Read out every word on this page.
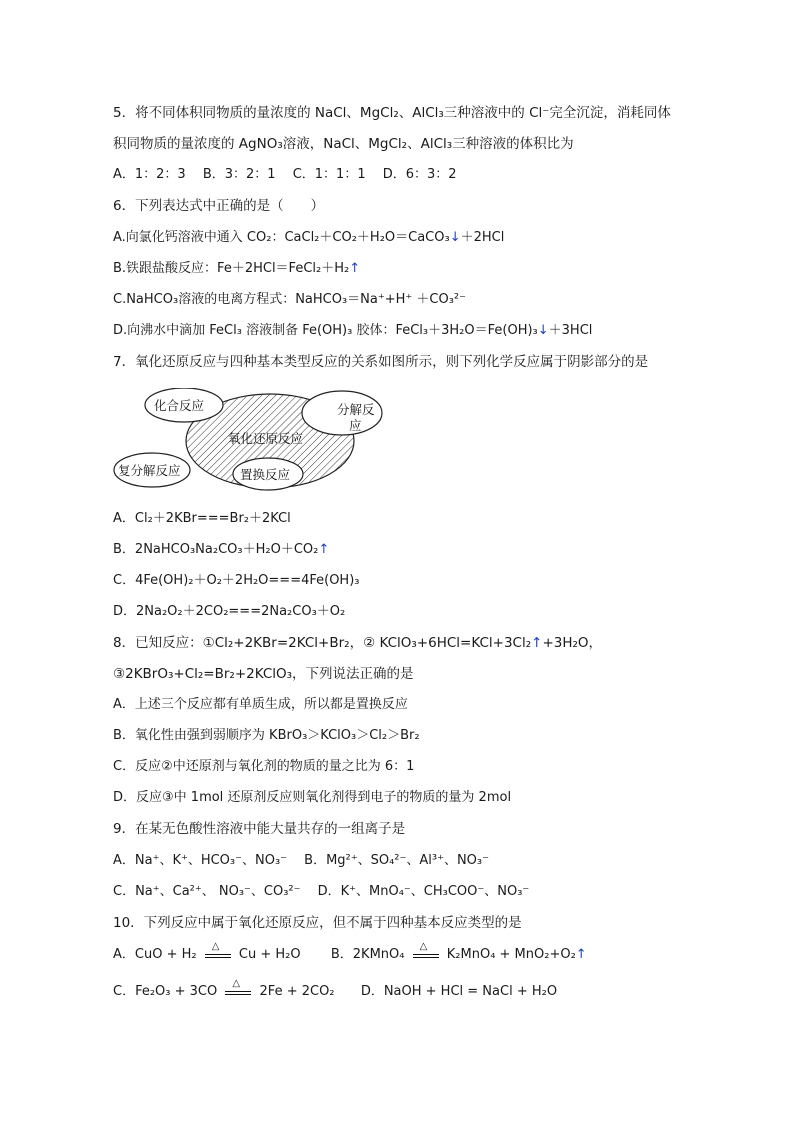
5．将不同体积同物质的量浓度的 NaCl、MgCl₂、AlCl₃三种溶液中的 Cl⁻完全沉淀，消耗同体
积同物质的量浓度的 AgNO₃溶液，NaCl、MgCl₂、AlCl₃三种溶液的体积比为
A．1：2：3　 B．3：2：1　 C．1：1：1　 D．6：3：2
6．下列表达式中正确的是（　　）
A.向氯化钙溶液中通入 CO₂：CaCl₂＋CO₂＋H₂O＝CaCO₃↓＋2HCl
B.铁跟盐酸反应：Fe＋2HCl＝FeCl₂＋H₂↑
C.NaHCO₃溶液的电离方程式：NaHCO₃＝Na⁺+H⁺ ＋CO₃²⁻
D.向沸水中滴加 FeCl₃ 溶液制备 Fe(OH)₃ 胶体：FeCl₃＋3H₂O＝Fe(OH)₃↓＋3HCl
7．氧化还原反应与四种基本类型反应的关系如图所示，则下列化学反应属于阴影部分的是
化合反应	分解反
应
氧化还原反应
复分解反应	置换反应
A．Cl₂＋2KBr===Br₂＋2KCl
B．2NaHCO₃Na₂CO₃＋H₂O＋CO₂↑
C．4Fe(OH)₂＋O₂＋2H₂O===4Fe(OH)₃
D．2Na₂O₂＋2CO₂===2Na₂CO₃＋O₂
8．已知反应：①Cl₂+2KBr=2KCl+Br₂，② KClO₃+6HCl=KCl+3Cl₂↑+3H₂O，
③2KBrO₃+Cl₂=Br₂+2KClO₃，下列说法正确的是
A．上述三个反应都有单质生成，所以都是置换反应
B．氧化性由强到弱顺序为 KBrO₃＞KClO₃＞Cl₂＞Br₂
C．反应②中还原剂与氧化剂的物质的量之比为 6：1
D．反应③中 1mol 还原剂反应则氧化剂得到电子的物质的量为 2mol
9．在某无色酸性溶液中能大量共存的一组离子是
A．Na⁺、K⁺、HCO₃⁻、NO₃⁻　 B．Mg²⁺、SO₄²⁻、Al³⁺、NO₃⁻
C．Na⁺、Ca²⁺、 NO₃⁻、CO₃²⁻　 D．K⁺、MnO₄⁻、CH₃COO⁻、NO₃⁻
10．下列反应中属于氧化还原反应，但不属于四种基本反应类型的是
A．CuO + H₂
△
Cu + H₂O B．2KMnO₄
△
K₂MnO₄ + MnO₂+O₂↑
C．Fe₂O₃ + 3CO
△
2Fe + 2CO₂ D．NaOH + HCl = NaCl + H₂O
